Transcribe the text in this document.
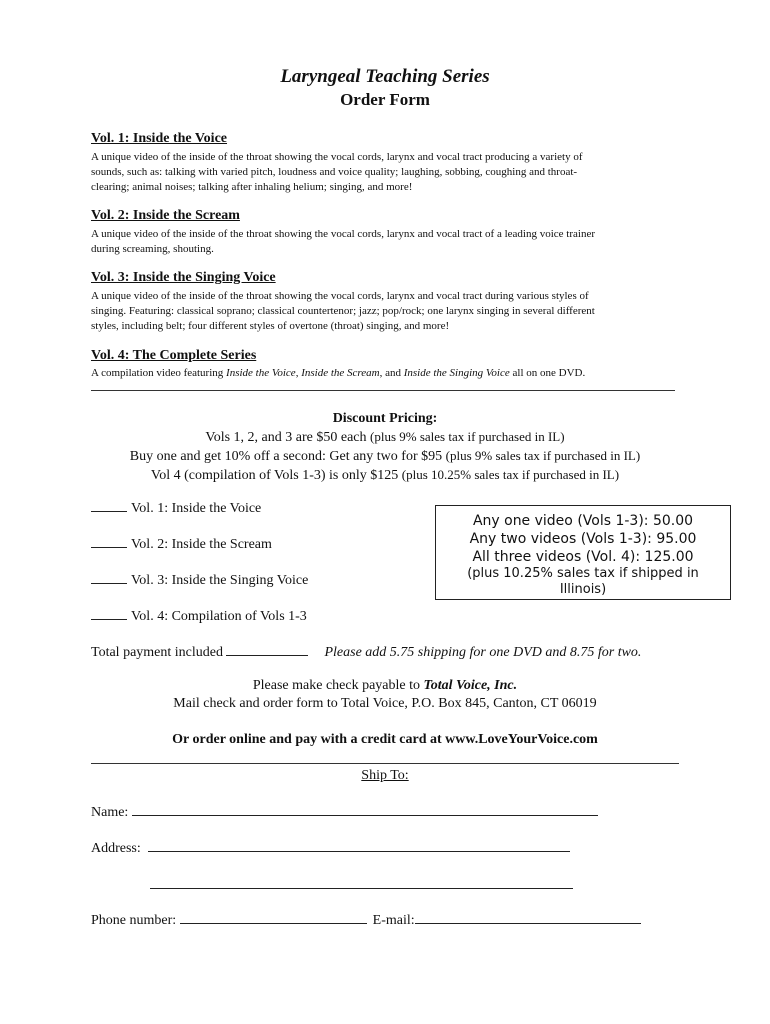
Laryngeal Teaching Series
Order Form
Vol. 1: Inside the Voice
A unique video of the inside of the throat showing the vocal cords, larynx and vocal tract producing a variety of
sounds, such as: talking with varied pitch, loudness and voice quality; laughing, sobbing, coughing and throat-
clearing; animal noises; talking after inhaling helium; singing, and more!
Vol. 2: Inside the Scream
A unique video of the inside of the throat showing the vocal cords, larynx and vocal tract of a leading voice trainer
during screaming, shouting.
Vol. 3: Inside the Singing Voice
A unique video of the inside of the throat showing the vocal cords, larynx and vocal tract during various styles of
singing. Featuring: classical soprano; classical countertenor; jazz; pop/rock; one larynx singing in several different
styles, including belt; four different styles of overtone (throat) singing, and more!
Vol. 4: The Complete Series
A compilation video featuring Inside the Voice, Inside the Scream, and Inside the Singing Voice all on one DVD.
Discount Pricing:
Vols 1, 2, and 3 are $50 each (plus 9% sales tax if purchased in IL)
Buy one and get 10% off a second: Get any two for $95 (plus 9% sales tax if purchased in IL)
Vol 4 (compilation of Vols 1-3) is only $125 (plus 10.25% sales tax if purchased in IL)
Vol. 1: Inside the Voice
Vol. 2: Inside the Scream
Vol. 3: Inside the Singing Voice
Vol. 4: Compilation of Vols 1-3
Any one video (Vols 1-3): 50.00
Any two videos (Vols 1-3): 95.00
All three videos (Vol. 4): 125.00
(plus 10.25% sales tax if shipped in
Illinois)
Total payment included	Please add 5.75 shipping for one DVD and 8.75 for two.
Please make check payable to Total Voice, Inc.
Mail check and order form to Total Voice, P.O. Box 845, Canton, CT 06019
Or order online and pay with a credit card at www.LoveYourVoice.com
Ship To:
Name:
Address:
Phone number:	E-mail:
